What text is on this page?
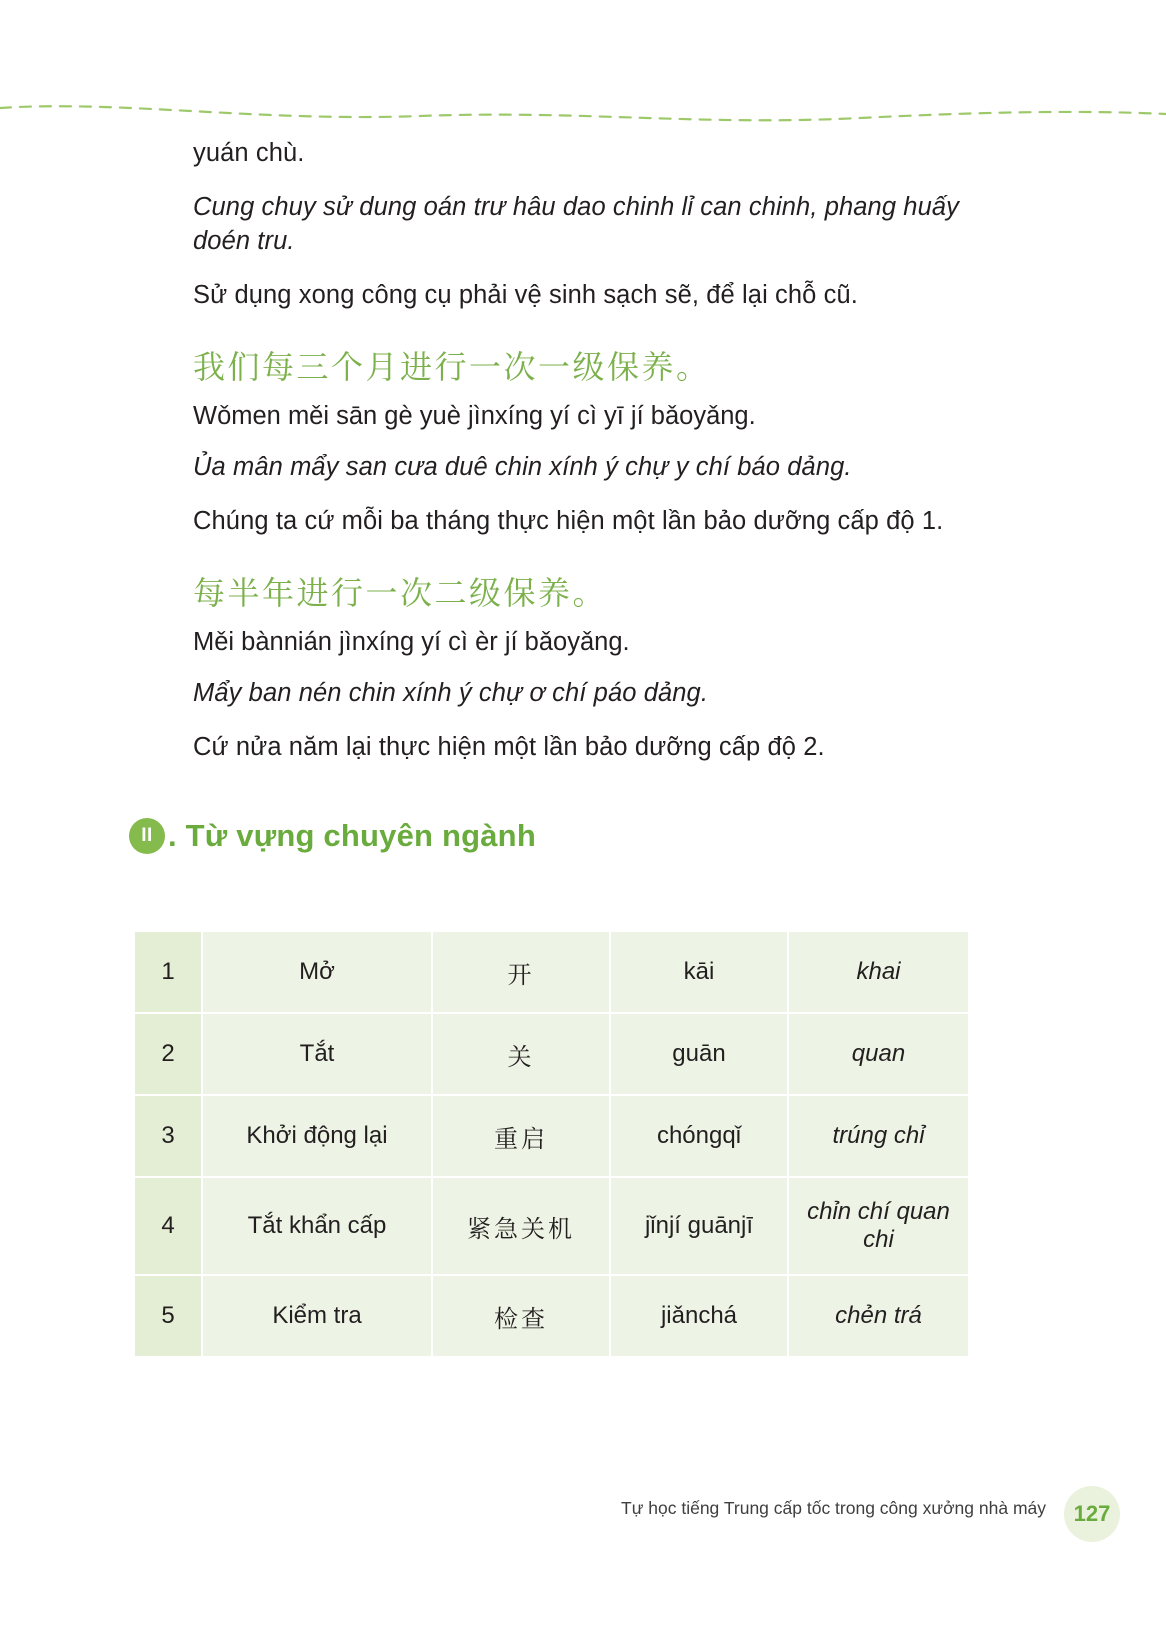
yuán chù.

Cung chuy sử dung oán trư hâu dao chinh lỉ can chinh, phang huấy doén tru.

Sử dụng xong công cụ phải vệ sinh sạch sẽ, để lại chỗ cũ.

我们每三个月进行一次一级保养。

Wǒmen měi sān gè yuè jìnxíng yí cì yī jí bǎoyǎng.

Ủa mân mẩy san cưa duê chin xính ý chự y chí báo dảng.

Chúng ta cứ mỗi ba tháng thực hiện một lần bảo dưỡng cấp độ 1.

每半年进行一次二级保养。

Měi bànnián jìnxíng yí cì èr jí bǎoyǎng.

Mẩy ban nén chin xính ý chự ơ chí páo dảng.

Cứ nửa năm lại thực hiện một lần bảo dưỡng cấp độ 2.

II . Từ vựng chuyên ngành
1	Mở	开	kāi	khai
2	Tắt	关	guān	quan
3	Khởi động lại	重启	chóngqǐ	trúng chỉ
4	Tắt khẩn cấp	紧急关机	jǐnjí guānjī	chỉn chí quan chi
5	Kiểm tra	检查	jiǎnchá	chẻn trá
Tự học tiếng Trung cấp tốc trong công xưởng nhà máy 127
